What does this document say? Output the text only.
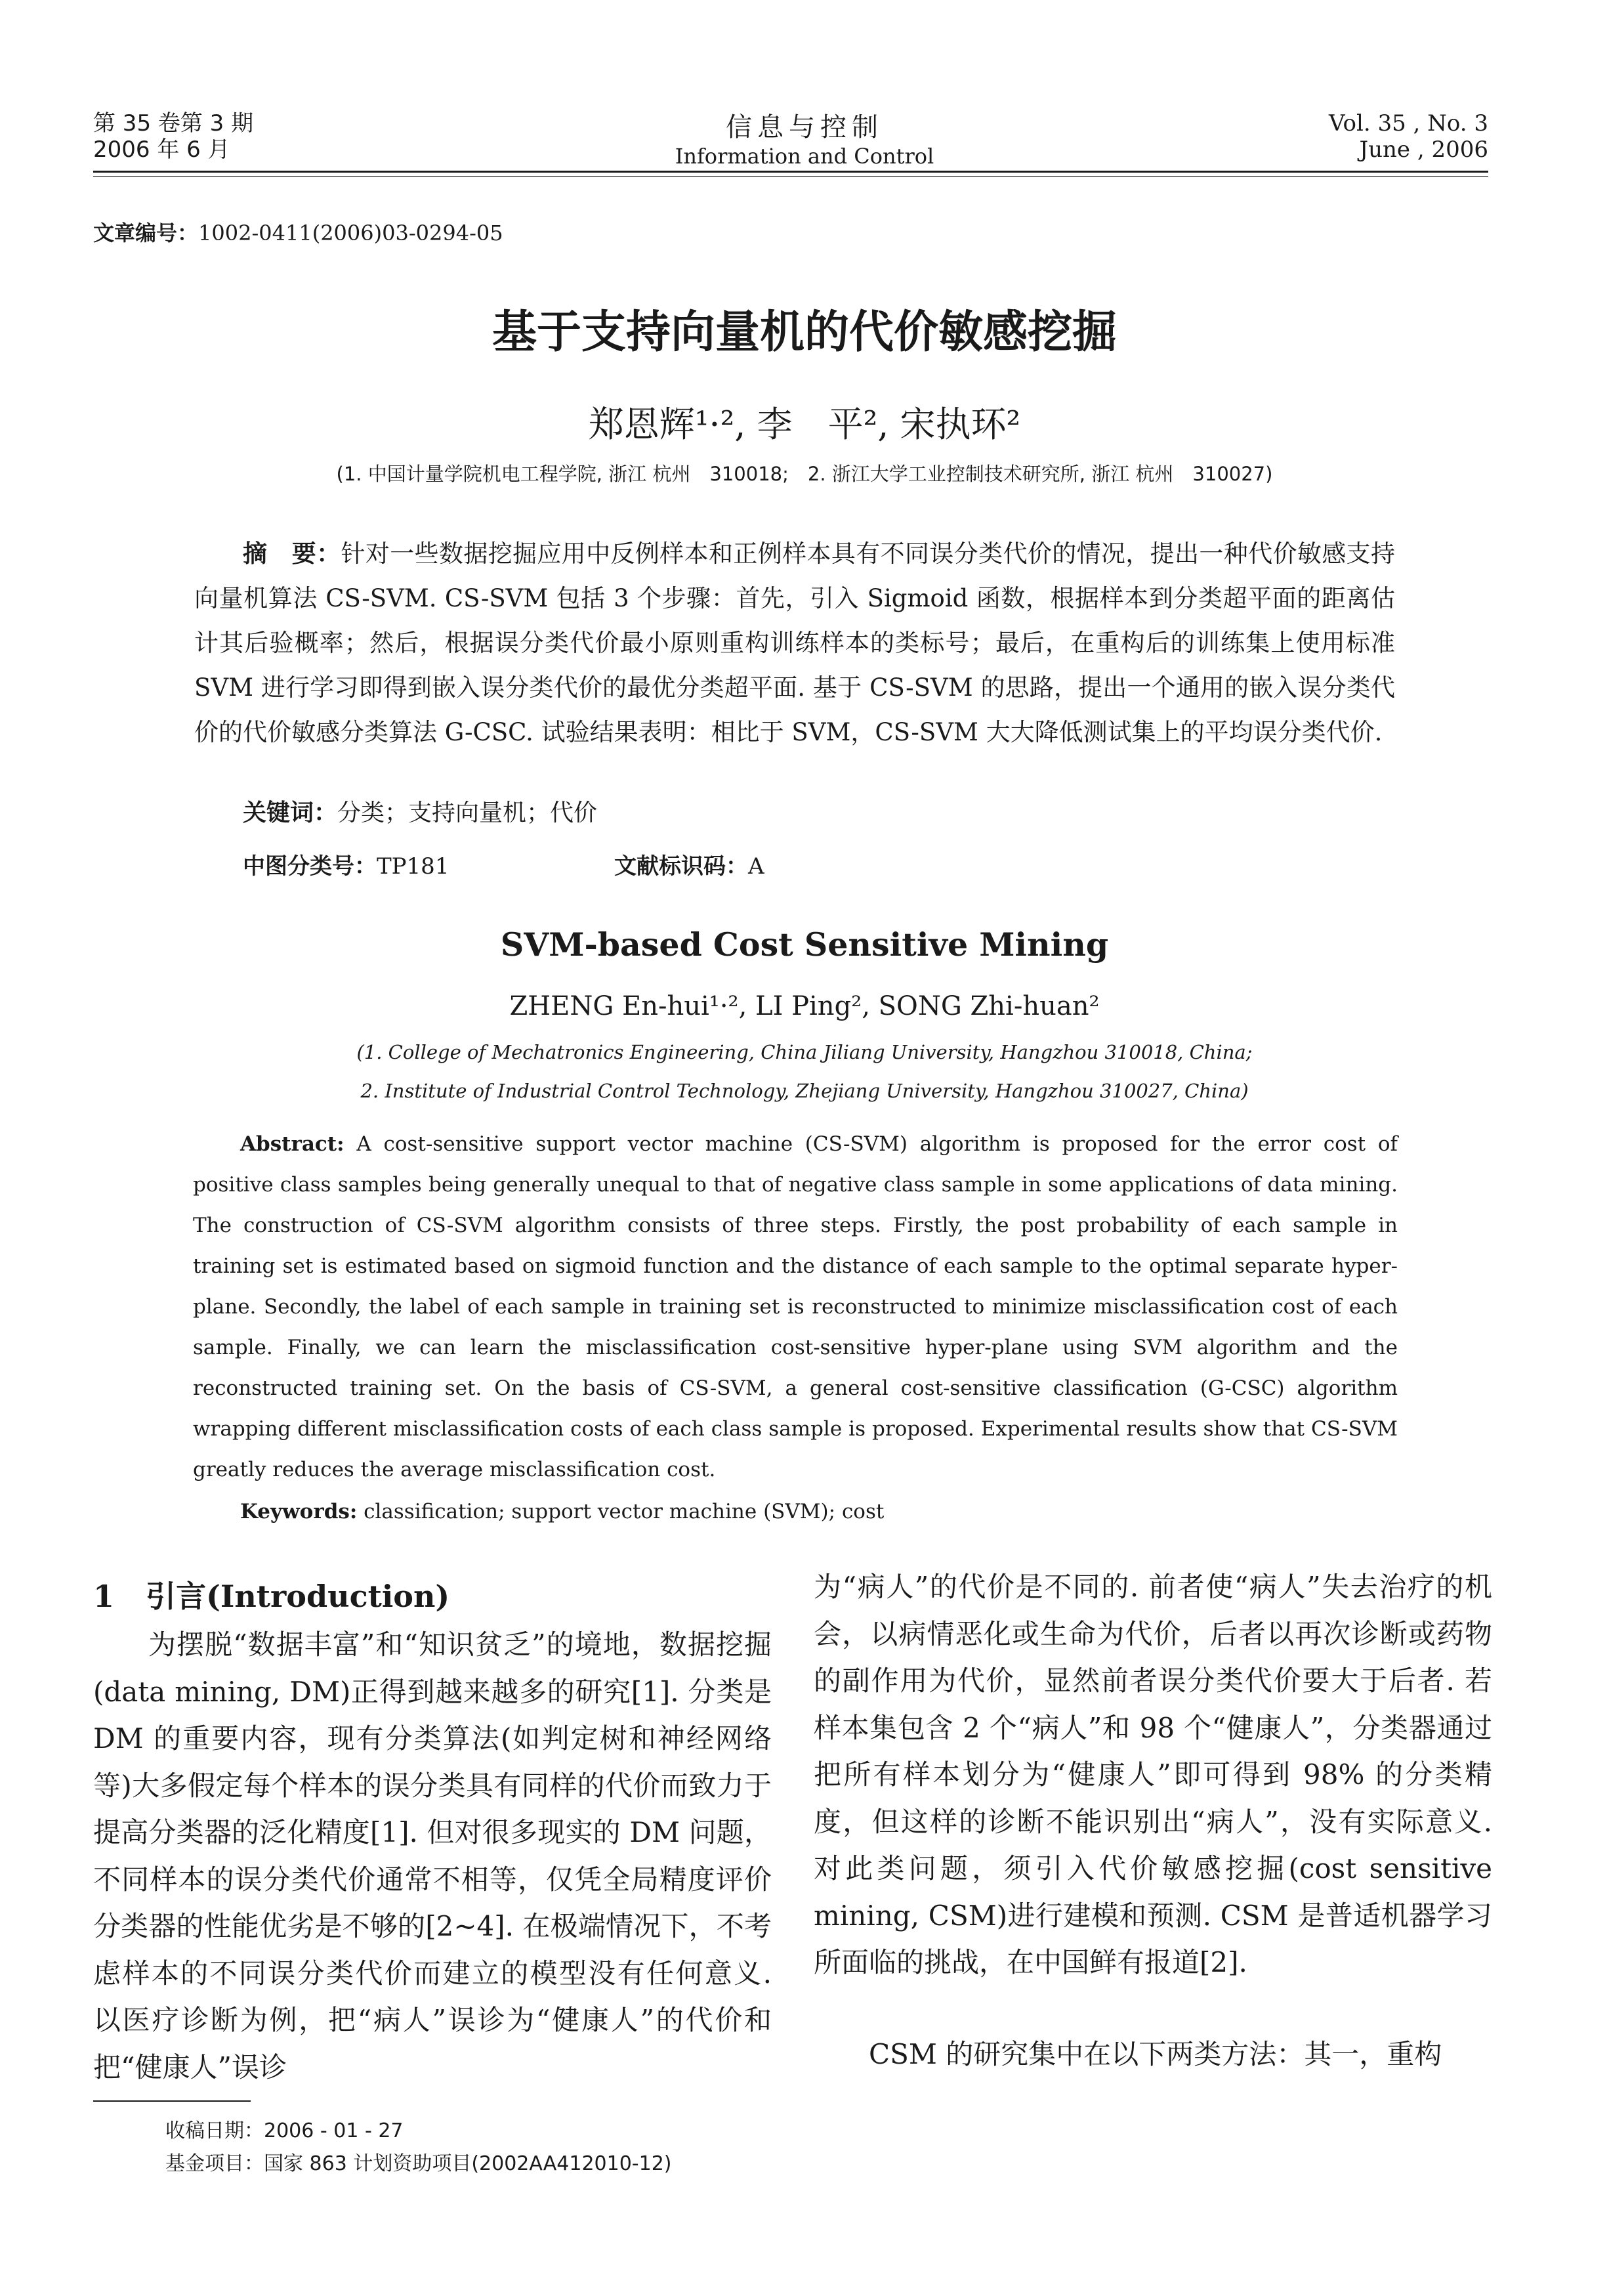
第 35 卷第 3 期
2006 年 6 月
信息与控制
Information and Control
Vol. 35 , No. 3
June , 2006
文章编号：1002-0411(2006)03-0294-05
基于支持向量机的代价敏感挖掘
郑恩辉¹·², 李　平², 宋执环²
(1. 中国计量学院机电工程学院, 浙江 杭州　310018;　2. 浙江大学工业控制技术研究所, 浙江 杭州　310027)
摘　要：针对一些数据挖掘应用中反例样本和正例样本具有不同误分类代价的情况，提出一种代价敏感支持向量机算法 CS-SVM. CS-SVM 包括 3 个步骤：首先，引入 Sigmoid 函数，根据样本到分类超平面的距离估计其后验概率；然后，根据误分类代价最小原则重构训练样本的类标号；最后，在重构后的训练集上使用标准 SVM 进行学习即得到嵌入误分类代价的最优分类超平面. 基于 CS-SVM 的思路，提出一个通用的嵌入误分类代价的代价敏感分类算法 G-CSC. 试验结果表明：相比于 SVM，CS-SVM 大大降低测试集上的平均误分类代价.
关键词：分类；支持向量机；代价
中图分类号：TP181	文献标识码：A
SVM-based Cost Sensitive Mining
ZHENG En-hui¹·², LI Ping², SONG Zhi-huan²
(1. College of Mechatronics Engineering, China Jiliang University, Hangzhou 310018, China;
2. Institute of Industrial Control Technology, Zhejiang University, Hangzhou 310027, China)
Abstract: A cost-sensitive support vector machine (CS-SVM) algorithm is proposed for the error cost of positive class samples being generally unequal to that of negative class sample in some applications of data mining. The construction of CS-SVM algorithm consists of three steps. Firstly, the post probability of each sample in training set is estimated based on sigmoid function and the distance of each sample to the optimal separate hyper-plane. Secondly, the label of each sample in training set is reconstructed to minimize misclassification cost of each sample. Finally, we can learn the misclassification cost-sensitive hyper-plane using SVM algorithm and the reconstructed training set. On the basis of CS-SVM, a general cost-sensitive classification (G-CSC) algorithm wrapping different misclassification costs of each class sample is proposed. Experimental results show that CS-SVM greatly reduces the average misclassification cost.
Keywords: classification; support vector machine (SVM); cost
1 引言(Introduction)
为摆脱“数据丰富”和“知识贫乏”的境地，数据挖掘(data mining, DM)正得到越来越多的研究[1]. 分类是 DM 的重要内容，现有分类算法(如判定树和神经网络等)大多假定每个样本的误分类具有同样的代价而致力于提高分类器的泛化精度[1]. 但对很多现实的 DM 问题，不同样本的误分类代价通常不相等，仅凭全局精度评价分类器的性能优劣是不够的[2~4]. 在极端情况下，不考虑样本的不同误分类代价而建立的模型没有任何意义. 以医疗诊断为例，把“病人”误诊为“健康人”的代价和把“健康人”误诊
为“病人”的代价是不同的. 前者使“病人”失去治疗的机会，以病情恶化或生命为代价，后者以再次诊断或药物的副作用为代价，显然前者误分类代价要大于后者. 若样本集包含 2 个“病人”和 98 个“健康人”，分类器通过把所有样本划分为“健康人”即可得到 98% 的分类精度，但这样的诊断不能识别出“病人”，没有实际意义. 对此类问题，须引入代价敏感挖掘(cost sensitive mining, CSM)进行建模和预测. CSM 是普适机器学习所面临的挑战，在中国鲜有报道[2].
CSM 的研究集中在以下两类方法：其一，重构
收稿日期：2006 - 01 - 27
基金项目：国家 863 计划资助项目(2002AA412010-12)
